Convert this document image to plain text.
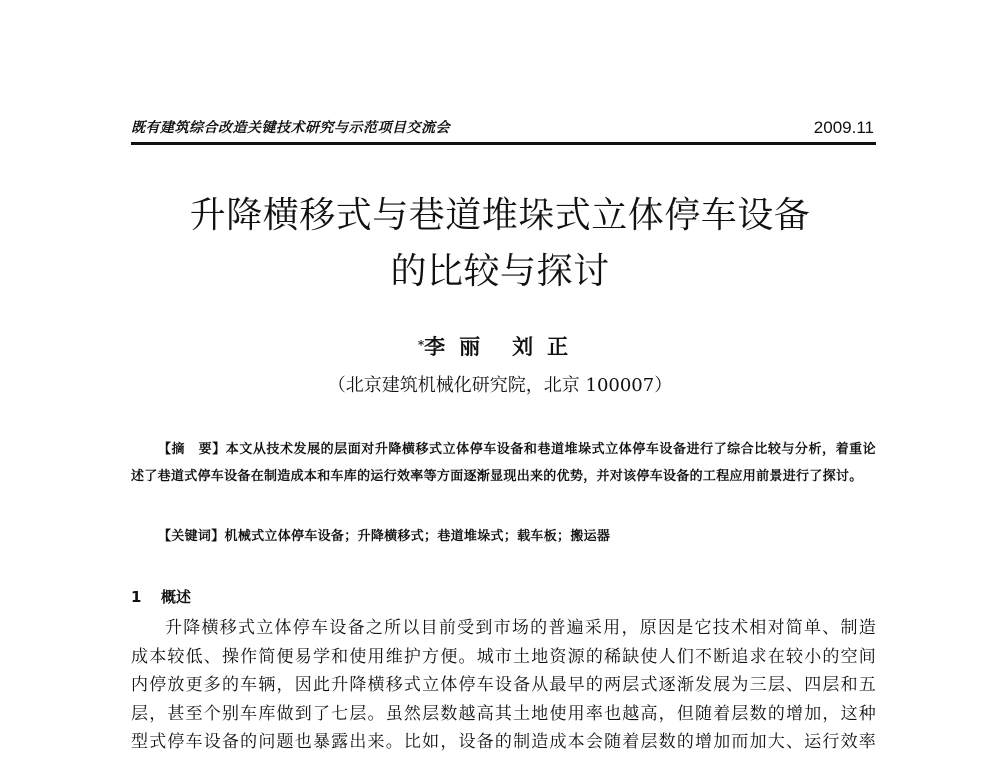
既有建筑综合改造关键技术研究与示范项目交流会	2009.11
升降横移式与巷道堆垛式立体停车设备
的比较与探讨
*李丽 刘正
（北京建筑机械化研究院，北京 100007）
【摘　要】本文从技术发展的层面对升降横移式立体停车设备和巷道堆垛式立体停车设备进行了综合比较与分析，着重论述了巷道式停车设备在制造成本和车库的运行效率等方面逐渐显现出来的优势，并对该停车设备的工程应用前景进行了探讨。
【关键词】机械式立体停车设备；升降横移式；巷道堆垛式；载车板；搬运器
1 概述
升降横移式立体停车设备之所以目前受到市场的普遍采用，原因是它技术相对简单、制造
成本较低、操作简便易学和使用维护方便。城市土地资源的稀缺使人们不断追求在较小的空间
内停放更多的车辆，因此升降横移式立体停车设备从最早的两层式逐渐发展为三层、四层和五
层，甚至个别车库做到了七层。虽然层数越高其土地使用率也越高，但随着层数的增加，这种
型式停车设备的问题也暴露出来。比如，设备的制造成本会随着层数的增加而加大、运行效率
